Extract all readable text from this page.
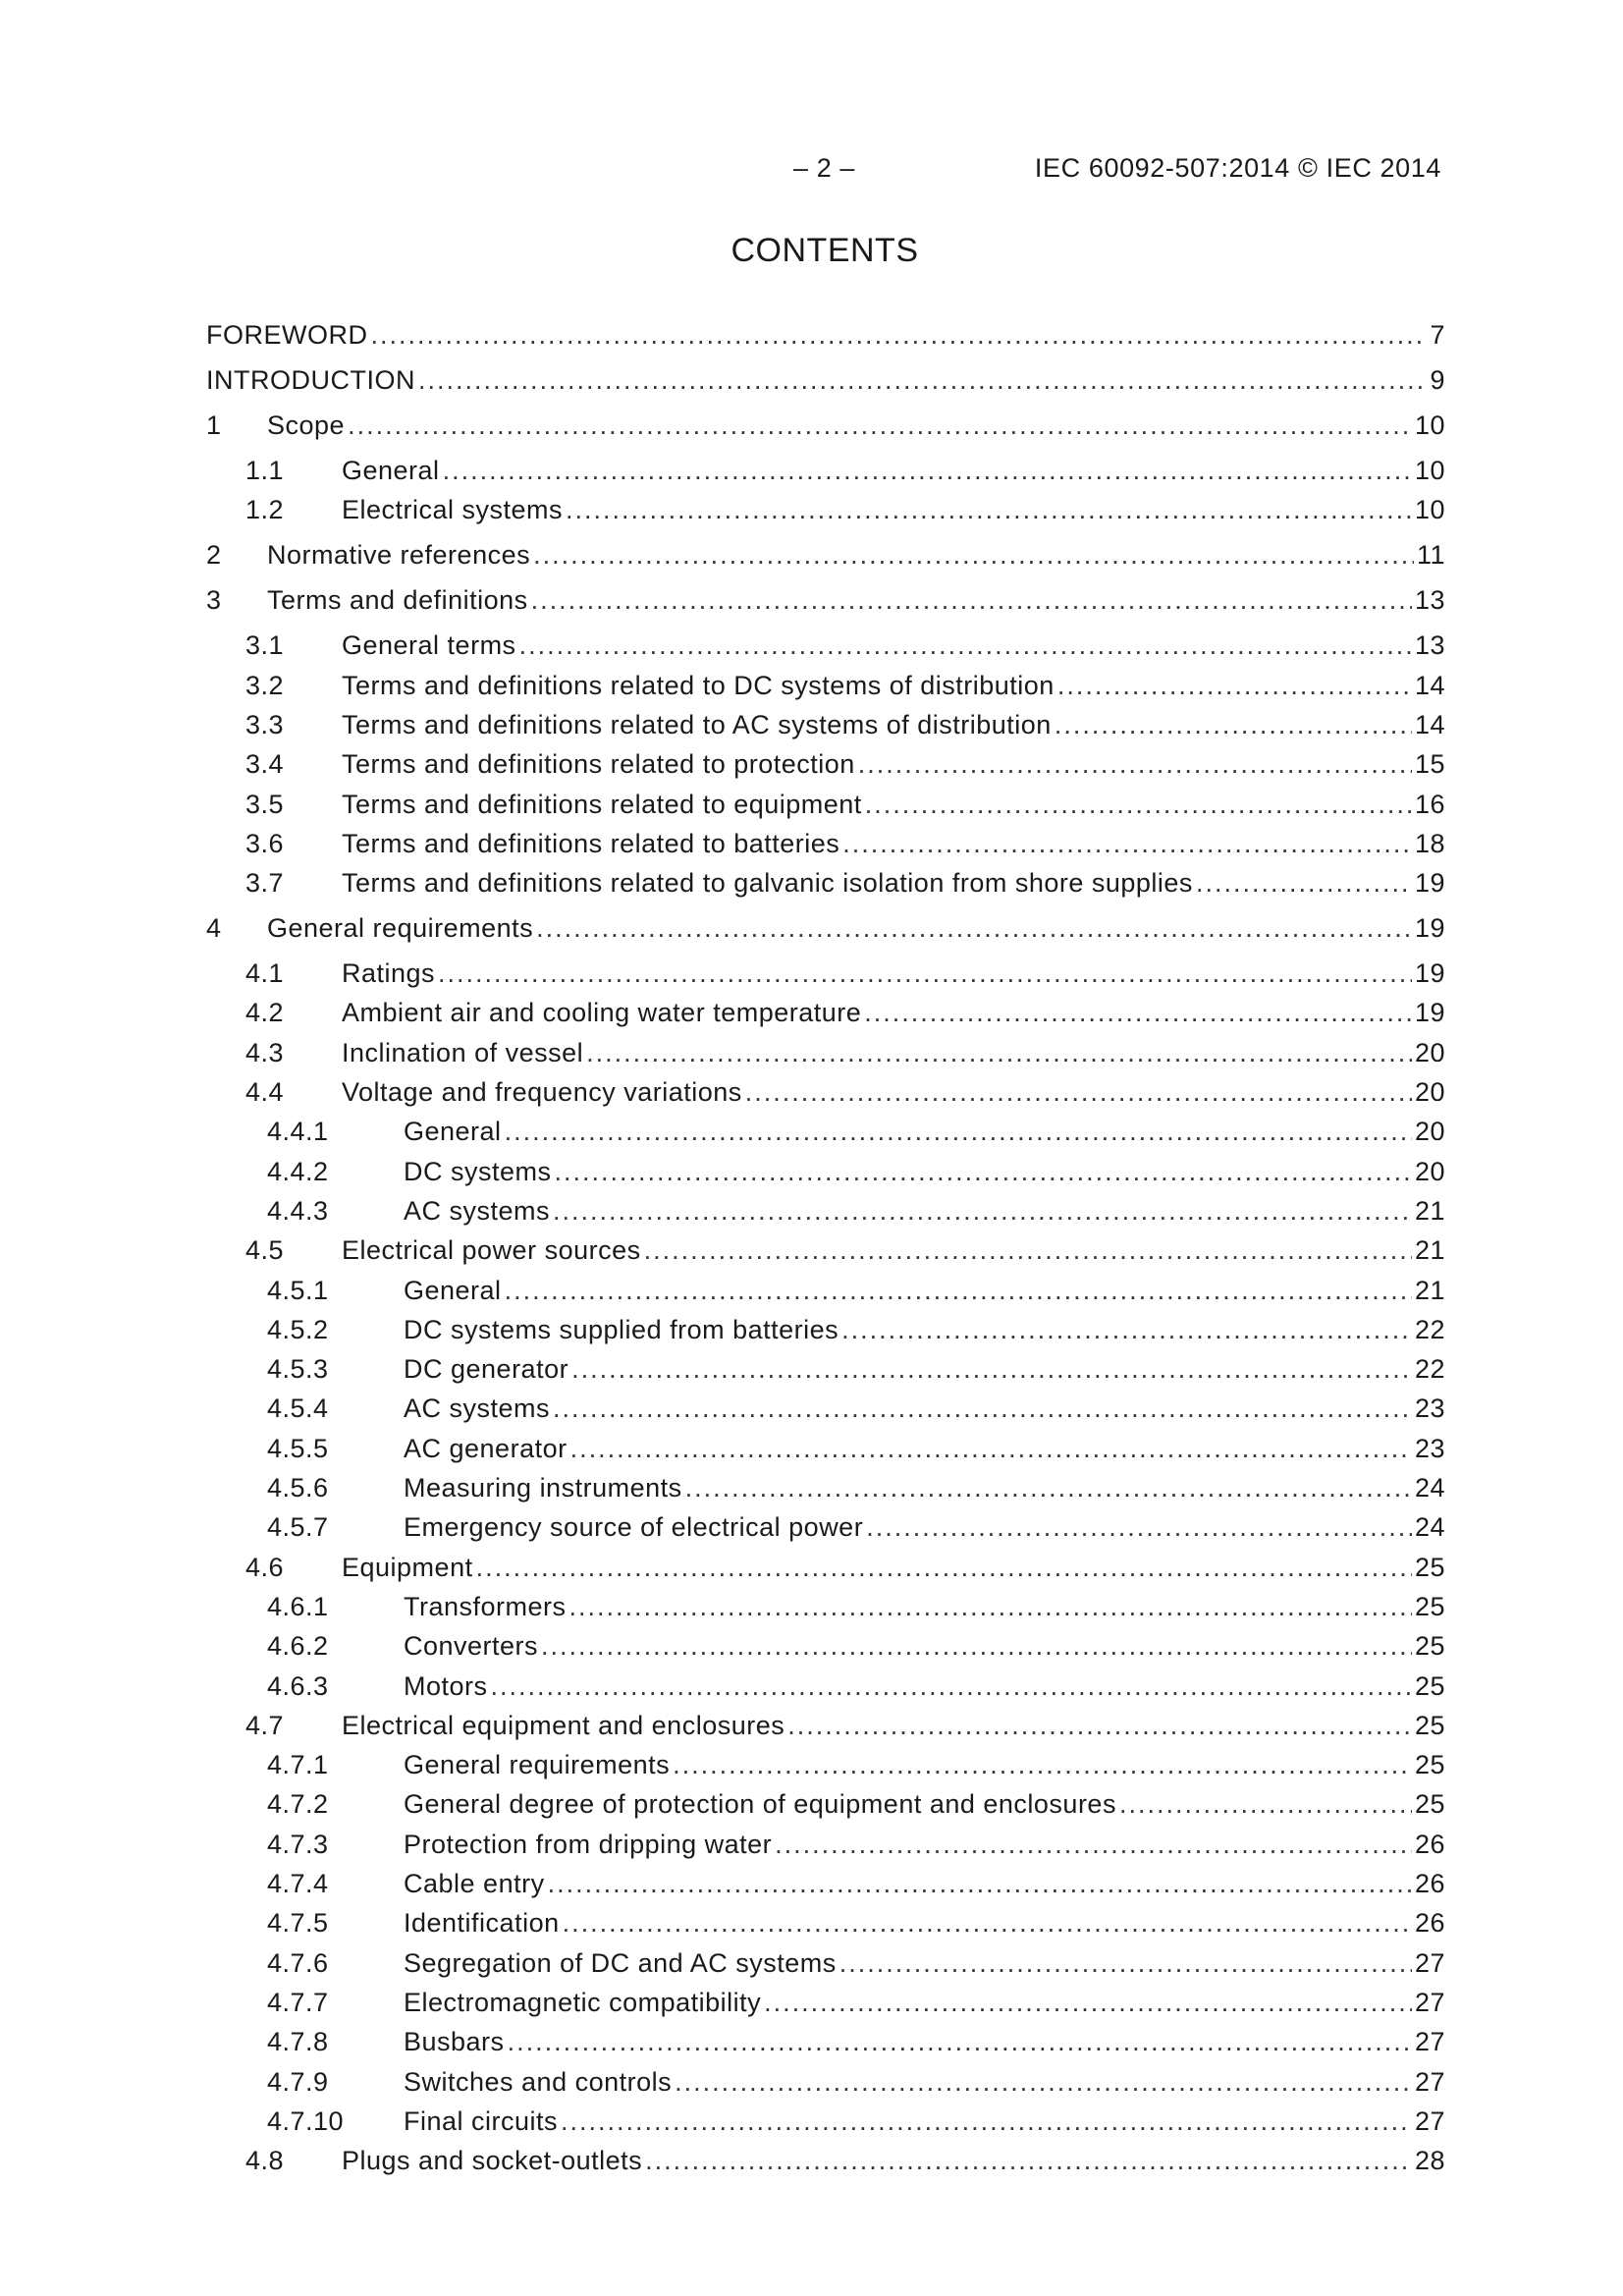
– 2 –	IEC 60092-507:2014 © IEC 2014
CONTENTS
FOREWORD .....	7
INTRODUCTION .....	9
1	Scope .....	10
1.1	General .....	10
1.2	Electrical systems .....	10
2	Normative references .....	11
3	Terms and definitions .....	13
3.1	General terms .....	13
3.2	Terms and definitions related to DC systems of distribution .....	14
3.3	Terms and definitions related to AC systems of distribution .....	14
3.4	Terms and definitions related to protection .....	15
3.5	Terms and definitions related to equipment .....	16
3.6	Terms and definitions related to batteries .....	18
3.7	Terms and definitions related to galvanic isolation from shore supplies .....	19
4	General requirements .....	19
4.1	Ratings .....	19
4.2	Ambient air and cooling water temperature .....	19
4.3	Inclination of vessel .....	20
4.4	Voltage and frequency variations .....	20
4.4.1	General .....	20
4.4.2	DC systems .....	20
4.4.3	AC systems .....	21
4.5	Electrical power sources .....	21
4.5.1	General .....	21
4.5.2	DC systems supplied from batteries .....	22
4.5.3	DC generator .....	22
4.5.4	AC systems .....	23
4.5.5	AC generator .....	23
4.5.6	Measuring instruments .....	24
4.5.7	Emergency source of electrical power .....	24
4.6	Equipment .....	25
4.6.1	Transformers .....	25
4.6.2	Converters .....	25
4.6.3	Motors .....	25
4.7	Electrical equipment and enclosures .....	25
4.7.1	General requirements .....	25
4.7.2	General degree of protection of equipment and enclosures .....	25
4.7.3	Protection from dripping water .....	26
4.7.4	Cable entry .....	26
4.7.5	Identification .....	26
4.7.6	Segregation of DC and AC systems .....	27
4.7.7	Electromagnetic compatibility .....	27
4.7.8	Busbars .....	27
4.7.9	Switches and controls .....	27
4.7.10	Final circuits .....	27
4.8	Plugs and socket-outlets .....	28
